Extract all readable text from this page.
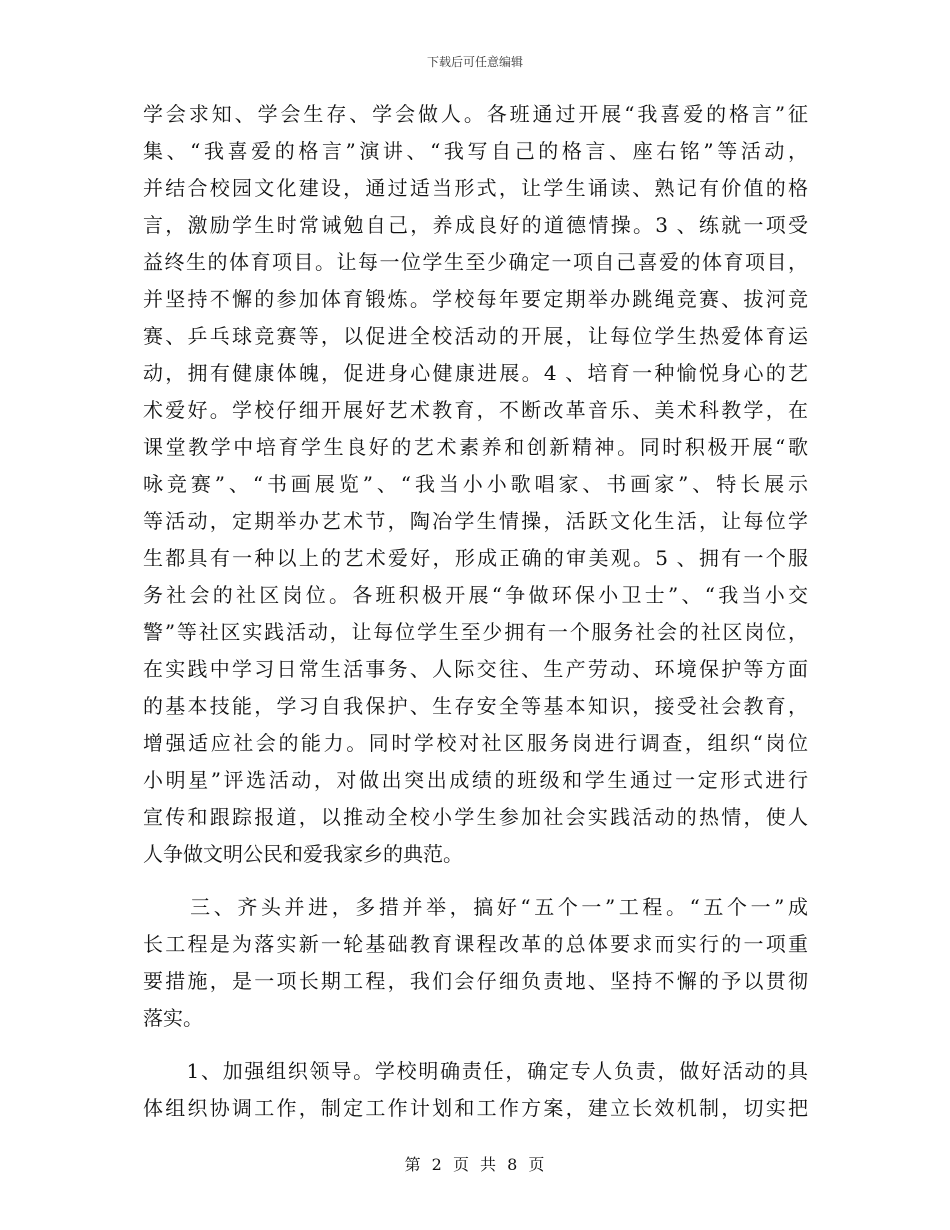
下载后可任意编辑
学会求知、学会生存、学会做人。各班通过开展“我喜爱的格言”征
集、“我喜爱的格言”演讲、“我写自己的格言、座右铭”等活动，
并结合校园文化建设，通过适当形式，让学生诵读、熟记有价值的格
言，激励学生时常诫勉自己，养成良好的道德情操。3 、练就一项受
益终生的体育项目。让每一位学生至少确定一项自己喜爱的体育项目，
并坚持不懈的参加体育锻炼。学校每年要定期举办跳绳竞赛、拔河竞
赛、乒乓球竞赛等，以促进全校活动的开展，让每位学生热爱体育运
动，拥有健康体魄，促进身心健康进展。4 、培育一种愉悦身心的艺
术爱好。学校仔细开展好艺术教育，不断改革音乐、美术科教学，在
课堂教学中培育学生良好的艺术素养和创新精神。同时积极开展“歌
咏竞赛”、“书画展览”、“我当小小歌唱家、书画家”、特长展示
等活动，定期举办艺术节，陶冶学生情操，活跃文化生活，让每位学
生都具有一种以上的艺术爱好，形成正确的审美观。5 、拥有一个服
务社会的社区岗位。各班积极开展“争做环保小卫士”、“我当小交
警”等社区实践活动，让每位学生至少拥有一个服务社会的社区岗位，
在实践中学习日常生活事务、人际交往、生产劳动、环境保护等方面
的基本技能，学习自我保护、生存安全等基本知识，接受社会教育，
增强适应社会的能力。同时学校对社区服务岗进行调查，组织“岗位
小明星”评选活动，对做出突出成绩的班级和学生通过一定形式进行
宣传和跟踪报道，以推动全校小学生参加社会实践活动的热情，使人
人争做文明公民和爱我家乡的典范。
　　三、齐头并进，多措并举，搞好“五个一”工程。“五个一”成
长工程是为落实新一轮基础教育课程改革的总体要求而实行的一项重
要措施，是一项长期工程，我们会仔细负责地、坚持不懈的予以贯彻
落实。
　　1、加强组织领导。学校明确责任，确定专人负责，做好活动的具
体组织协调工作，制定工作计划和工作方案，建立长效机制，切实把
第 2 页 共 8 页
